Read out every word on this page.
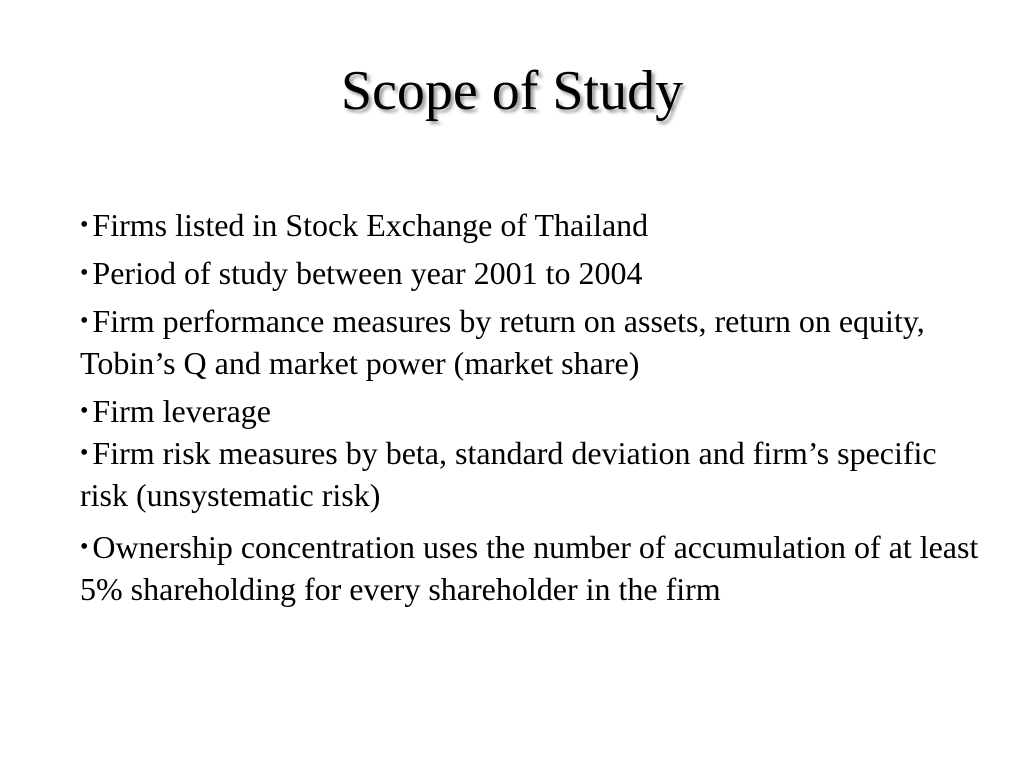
Scope of Study
• Firms listed in Stock Exchange of Thailand
• Period of study between year 2001 to 2004
• Firm performance measures by return on assets, return on equity, Tobin’s Q and market power (market share)
• Firm leverage
• Firm risk measures by beta, standard deviation and firm’s specific risk (unsystematic risk)
• Ownership concentration uses the number of accumulation of at least 5% shareholding for every shareholder in the firm
